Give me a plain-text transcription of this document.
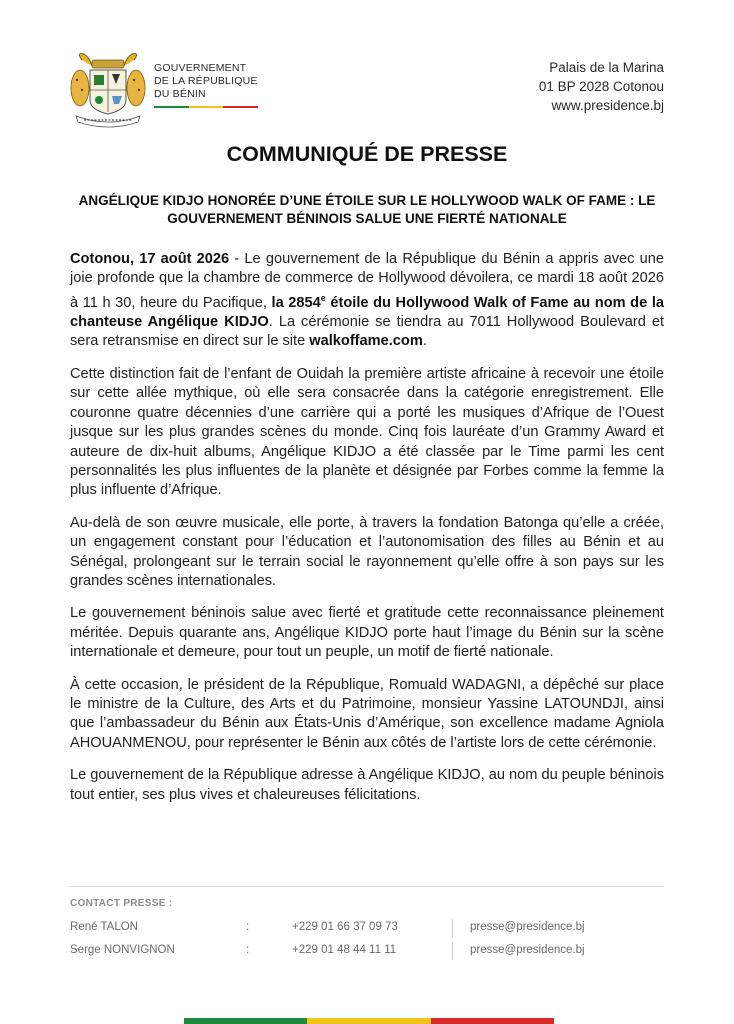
GOUVERNEMENT
DE LA RÉPUBLIQUE
DU BÉNIN
Palais de la Marina
01 BP 2028 Cotonou
www.presidence.bj
COMMUNIQUÉ DE PRESSE
ANGÉLIQUE KIDJO HONORÉE D’UNE ÉTOILE SUR LE HOLLYWOOD WALK OF FAME : LE GOUVERNEMENT BÉNINOIS SALUE UNE FIERTÉ NATIONALE

Cotonou, 17 août 2026 - Le gouvernement de la République du Bénin a appris avec une joie profonde que la chambre de commerce de Hollywood dévoilera, ce mardi 18 août 2026 à 11 h 30, heure du Pacifique, la 2854e étoile du Hollywood Walk of Fame au nom de la chanteuse Angélique KIDJO. La cérémonie se tiendra au 7011 Hollywood Boulevard et sera retransmise en direct sur le site walkoffame.com.

Cette distinction fait de l’enfant de Ouidah la première artiste africaine à recevoir une étoile sur cette allée mythique, où elle sera consacrée dans la catégorie enregistrement. Elle couronne quatre décennies d’une carrière qui a porté les musiques d’Afrique de l’Ouest jusque sur les plus grandes scènes du monde. Cinq fois lauréate d’un Grammy Award et auteure de dix-huit albums, Angélique KIDJO a été classée par le Time parmi les cent personnalités les plus influentes de la planète et désignée par Forbes comme la femme la plus influente d’Afrique.

Au-delà de son œuvre musicale, elle porte, à travers la fondation Batonga qu’elle a créée, un engagement constant pour l’éducation et l’autonomisation des filles au Bénin et au Sénégal, prolongeant sur le terrain social le rayonnement qu’elle offre à son pays sur les grandes scènes internationales.

Le gouvernement béninois salue avec fierté et gratitude cette reconnaissance pleinement méritée. Depuis quarante ans, Angélique KIDJO porte haut l’image du Bénin sur la scène internationale et demeure, pour tout un peuple, un motif de fierté nationale.

À cette occasion, le président de la République, Romuald WADAGNI, a dépêché sur place le ministre de la Culture, des Arts et du Patrimoine, monsieur Yassine LATOUNDJI, ainsi que l’ambassadeur du Bénin aux États-Unis d’Amérique, son excellence madame Agniola AHOUANMENOU, pour représenter le Bénin aux côtés de l’artiste lors de cette cérémonie.

Le gouvernement de la République adresse à Angélique KIDJO, au nom du peuple béninois tout entier, ses plus vives et chaleureuses félicitations.

CONTACT PRESSE :
René TALON	:	+229 01 66 37 09 73	presse@presidence.bj
Serge NONVIGNON	:	+229 01 48 44 11 11	presse@presidence.bj
